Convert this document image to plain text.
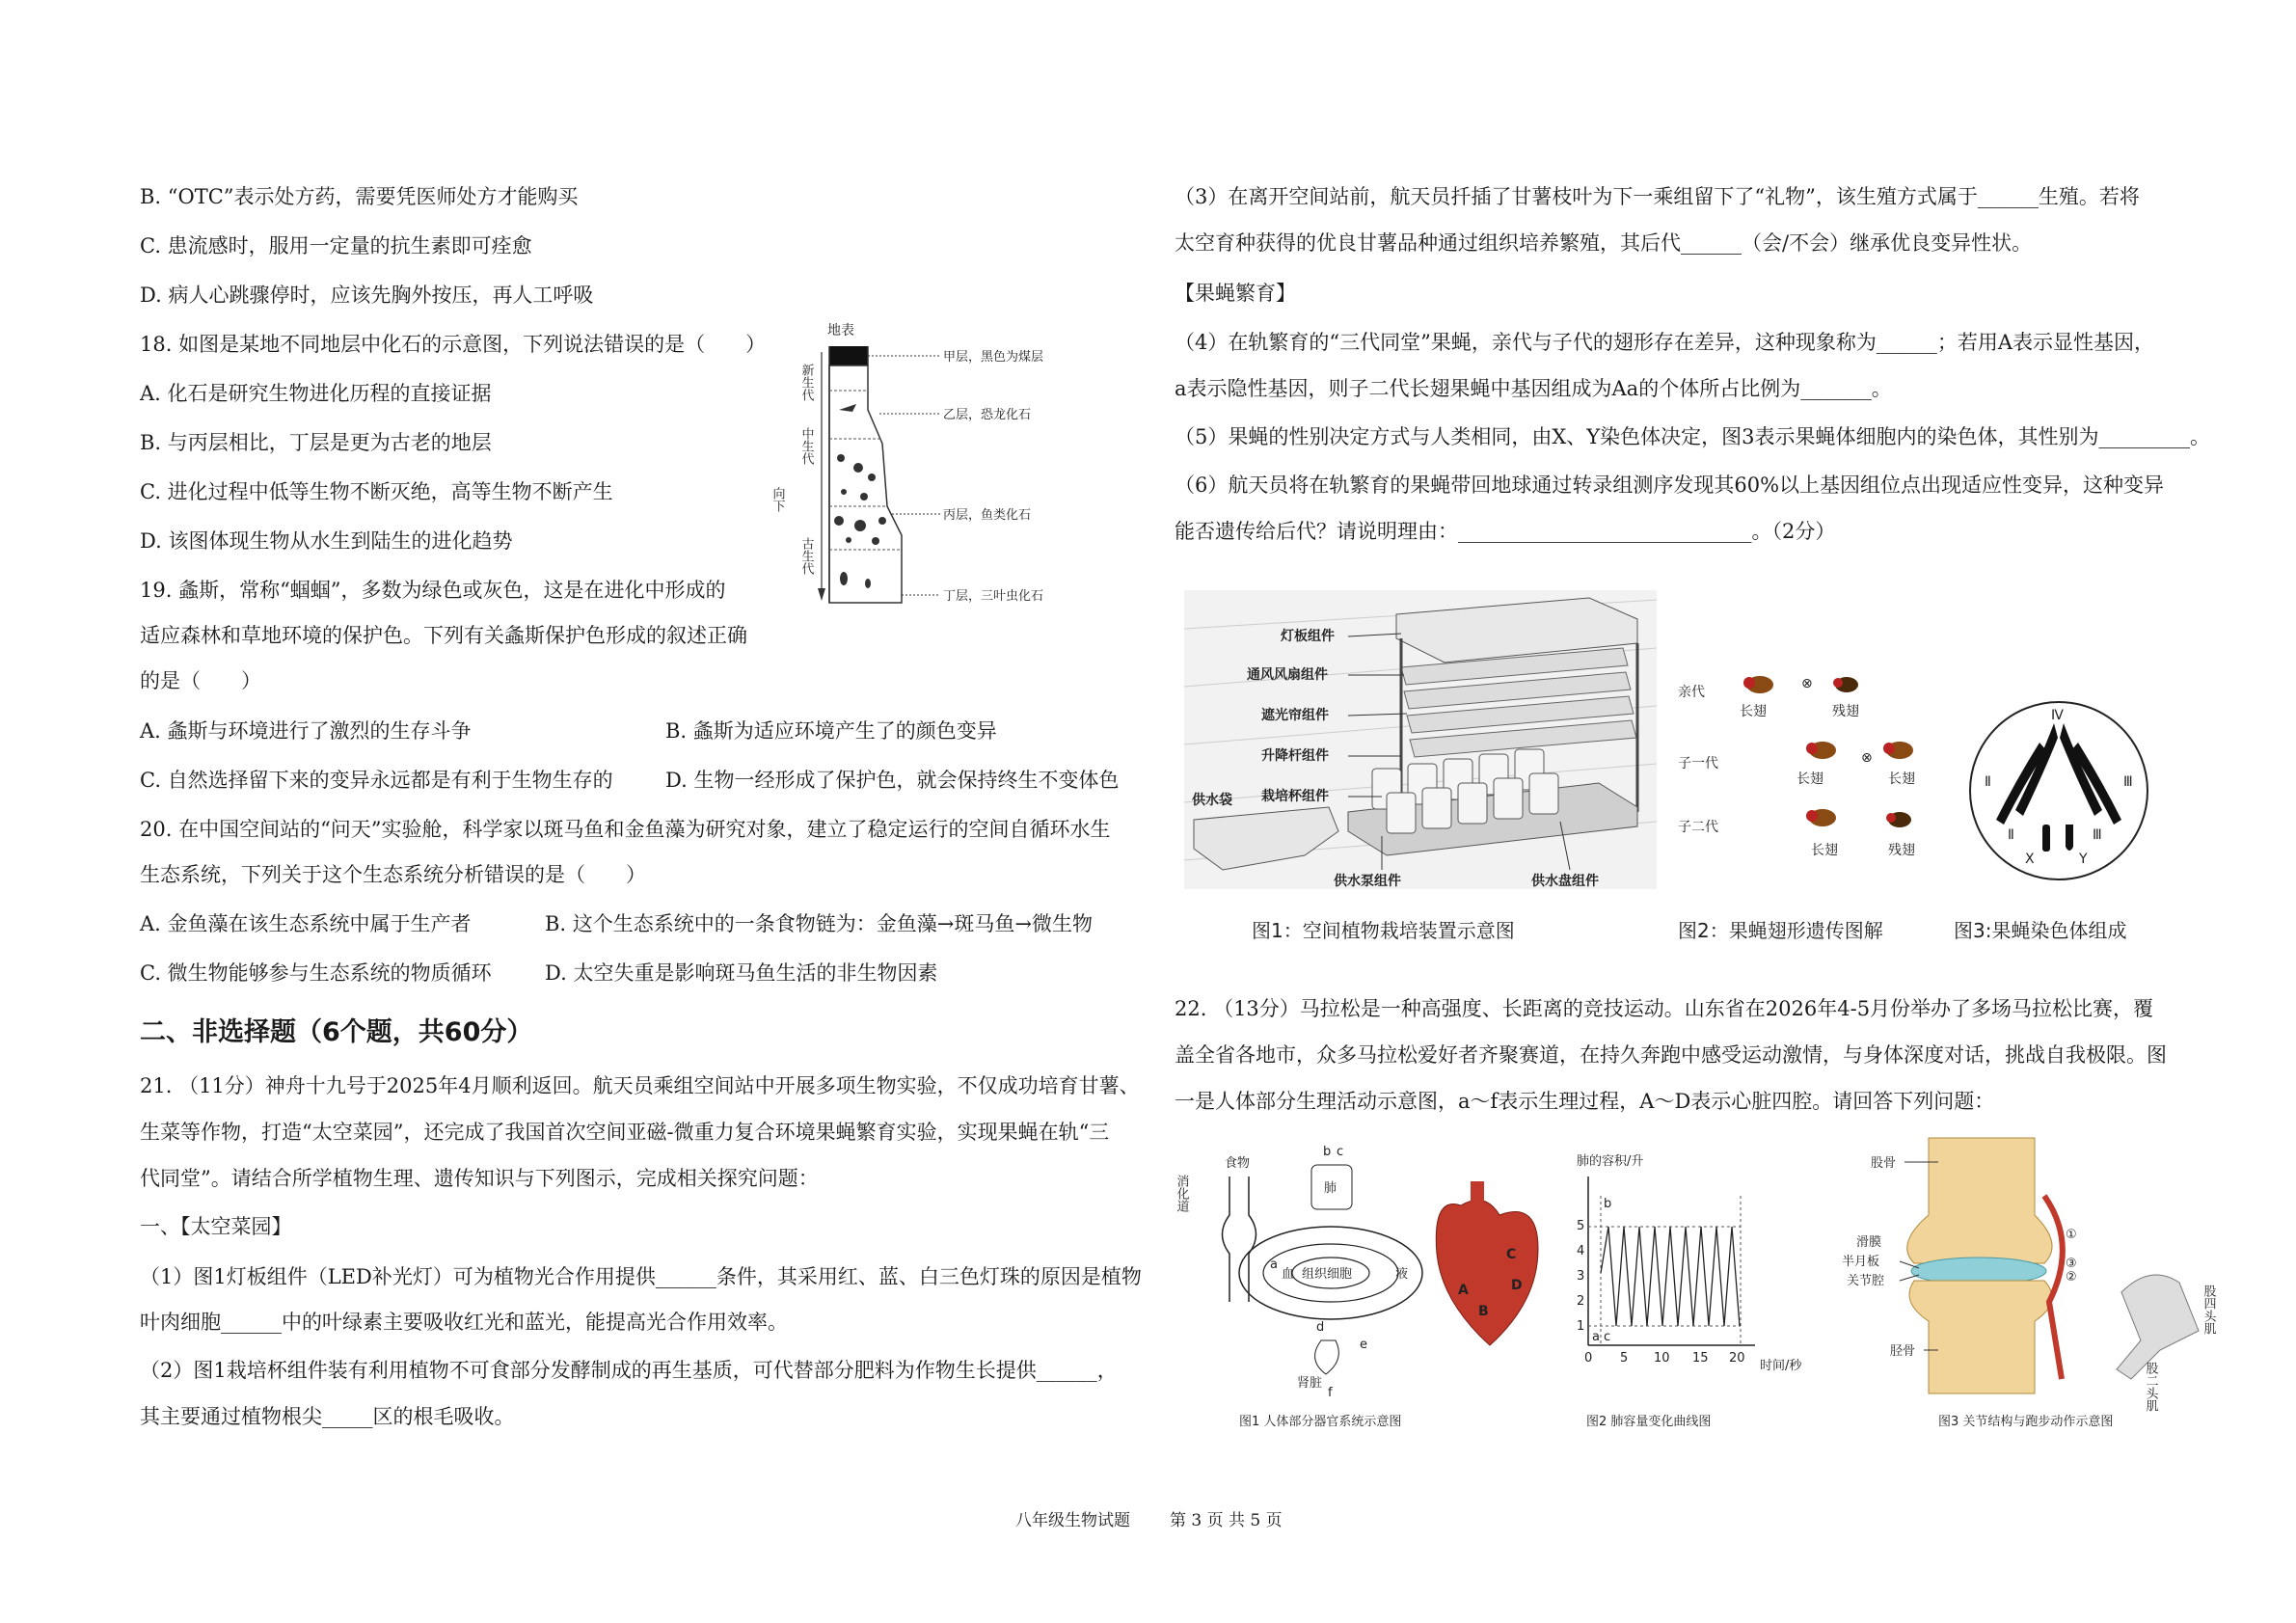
B. “OTC”表示处方药，需要凭医师处方才能购买
C. 患流感时，服用一定量的抗生素即可痊愈
D. 病人心跳骤停时，应该先胸外按压，再人工呼吸
18. 如图是某地不同地层中化石的示意图，下列说法错误的是（　　）
A. 化石是研究生物进化历程的直接证据
B. 与丙层相比，丁层是更为古老的地层
C. 进化过程中低等生物不断灭绝，高等生物不断产生
D. 该图体现生物从水生到陆生的进化趋势
19. 螽斯，常称“蝈蝈”，多数为绿色或灰色，这是在进化中形成的
适应森林和草地环境的保护色。下列有关螽斯保护色形成的叙述正确
的是（　　）
A. 螽斯与环境进行了激烈的生存斗争	B. 螽斯为适应环境产生了的颜色变异
C. 自然选择留下来的变异永远都是有利于生物生存的	D. 生物一经形成了保护色，就会保持终生不变体色
20. 在中国空间站的“问天”实验舱，科学家以斑马鱼和金鱼藻为研究对象，建立了稳定运行的空间自循环水生
生态系统，下列关于这个生态系统分析错误的是（　　）
A. 金鱼藻在该生态系统中属于生产者	B. 这个生态系统中的一条食物链为：金鱼藻→斑马鱼→微生物
C. 微生物能够参与生态系统的物质循环	D. 太空失重是影响斑马鱼生活的非生物因素
二、非选择题（6个题，共60分）
21. （11分）神舟十九号于2025年4月顺利返回。航天员乘组空间站中开展多项生物实验，不仅成功培育甘薯、
生菜等作物，打造“太空菜园”，还完成了我国首次空间亚磁-微重力复合环境果蝇繁育实验，实现果蝇在轨“三
代同堂”。请结合所学植物生理、遗传知识与下列图示，完成相关探究问题：
一、【太空菜园】
（1）图1灯板组件（LED补光灯）可为植物光合作用提供______条件，其采用红、蓝、白三色灯珠的原因是植物
叶肉细胞______中的叶绿素主要吸收红光和蓝光，能提高光合作用效率。
（2）图1栽培杯组件装有利用植物不可食部分发酵制成的再生基质，可代替部分肥料为作物生长提供______，
其主要通过植物根尖_____区的根毛吸收。
地表
新生代
中生代
古生代
向下
甲层，黑色为煤层
乙层，恐龙化石
丙层，鱼类化石
丁层，三叶虫化石
（3）在离开空间站前，航天员扦插了甘薯枝叶为下一乘组留下了“礼物”，该生殖方式属于______生殖。若将
太空育种获得的优良甘薯品种通过组织培养繁殖，其后代______（会/不会）继承优良变异性状。
【果蝇繁育】
（4）在轨繁育的“三代同堂”果蝇，亲代与子代的翅形存在差异，这种现象称为______；若用A表示显性基因，
a表示隐性基因，则子二代长翅果蝇中基因组成为Aa的个体所占比例为_______。
（5）果蝇的性别决定方式与人类相同，由X、Y染色体决定，图3表示果蝇体细胞内的染色体，其性别为_________。
（6）航天员将在轨繁育的果蝇带回地球通过转录组测序发现其60%以上基因组位点出现适应性变异，这种变异
能否遗传给后代？请说明理由：_____________________________。（2分）
22. （13分）马拉松是一种高强度、长距离的竞技运动。山东省在2026年4-5月份举办了多场马拉松比赛，覆
盖全省各地市，众多马拉松爱好者齐聚赛道，在持久奔跑中感受运动激情，与身体深度对话，挑战自我极限。图
一是人体部分生理活动示意图，a～f表示生理过程，A～D表示心脏四腔。请回答下列问题：
灯板组件
通风风扇组件
遮光帘组件
升降杆组件
栽培杯组件
供水袋
供水泵组件	供水盘组件
图1：空间植物栽培装置示意图
亲代
子一代
子二代
⊗
⊗
长翅	残翅
长翅	长翅
长翅	残翅
图2：果蝇翅形遗传图解
Ⅳ
Ⅱ	Ⅲ
Ⅱ	Ⅲ
X	Y
图3:果蝇染色体组成
消化道
食物
b c
肺
a
血 组织细胞	液
肾脏
e
d
f
A
B
C
D
图1 人体部分器官系统示意图
肺的容积/升
1
2
3
4
5
0 5 10 15 20
时间/秒
b
a c
图2 肺容量变化曲线图
股骨
滑膜
半月板
关节腔
胫骨
①
③
②
股四头肌
股二头肌
图3 关节结构与跑步动作示意图
八年级生物试题 第 3 页 共 5 页
